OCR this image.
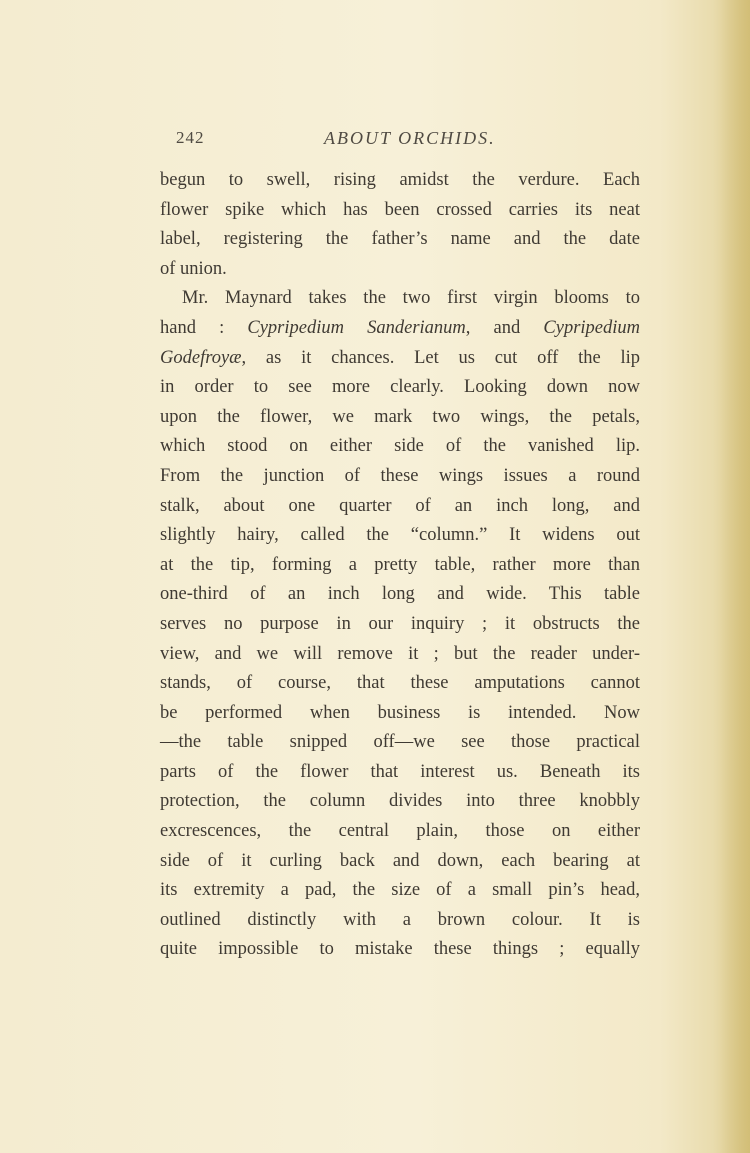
242	ABOUT ORCHIDS.
begun to swell, rising amidst the verdure. Each
flower spike which has been crossed carries its neat
label, registering the father’s name and the date
of union.
Mr. Maynard takes the two first virgin blooms to
hand : Cypripedium Sanderianum, and Cypripedium
Godefroyæ, as it chances. Let us cut off the lip
in order to see more clearly. Looking down now
upon the flower, we mark two wings, the petals,
which stood on either side of the vanished lip.
From the junction of these wings issues a round
stalk, about one quarter of an inch long, and
slightly hairy, called the “column.” It widens out
at the tip, forming a pretty table, rather more than
one-third of an inch long and wide. This table
serves no purpose in our inquiry ; it obstructs the
view, and we will remove it ; but the reader under-
stands, of course, that these amputations cannot
be performed when business is intended. Now
—the table snipped off—we see those practical
parts of the flower that interest us. Beneath its
protection, the column divides into three knobbly
excrescences, the central plain, those on either
side of it curling back and down, each bearing at
its extremity a pad, the size of a small pin’s head,
outlined distinctly with a brown colour. It is
quite impossible to mistake these things ; equally
